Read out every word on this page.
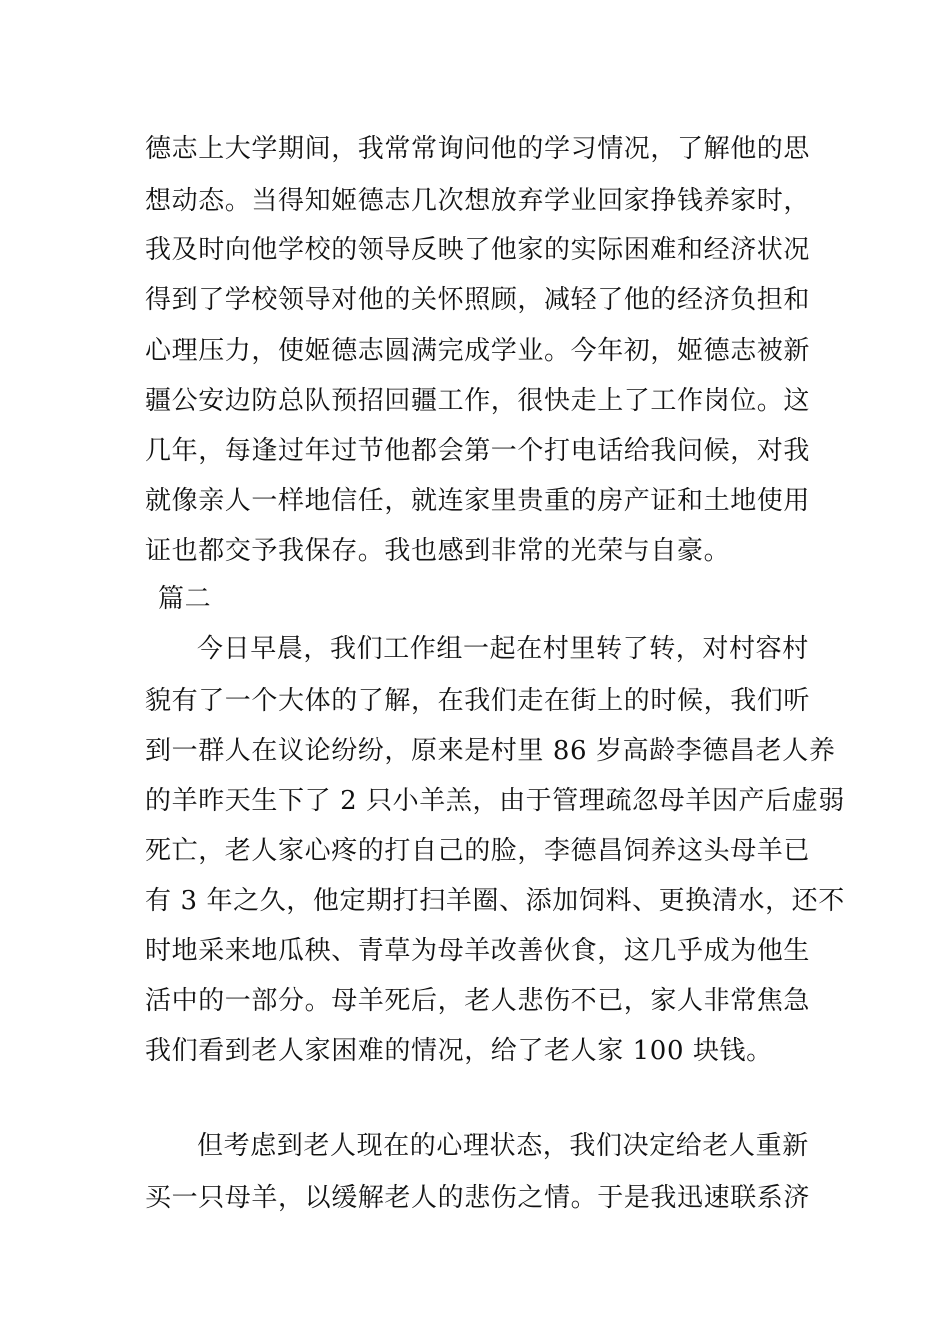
德志上大学期间，我常常询问他的学习情况，了解他的思
想动态。当得知姬德志几次想放弃学业回家挣钱养家时，
我及时向他学校的领导反映了他家的实际困难和经济状况
得到了学校领导对他的关怀照顾，减轻了他的经济负担和
心理压力，使姬德志圆满完成学业。今年初，姬德志被新
疆公安边防总队预招回疆工作，很快走上了工作岗位。这
几年，每逢过年过节他都会第一个打电话给我问候，对我
就像亲人一样地信任，就连家里贵重的房产证和土地使用
证也都交予我保存。我也感到非常的光荣与自豪。
篇二
今日早晨，我们工作组一起在村里转了转，对村容村
貌有了一个大体的了解，在我们走在街上的时候，我们听
到一群人在议论纷纷，原来是村里 86 岁高龄李德昌老人养
的羊昨天生下了 2 只小羊羔，由于管理疏忽母羊因产后虚弱
死亡，老人家心疼的打自己的脸，李德昌饲养这头母羊已
有 3 年之久，他定期打扫羊圈、添加饲料、更换清水，还不
时地采来地瓜秧、青草为母羊改善伙食，这几乎成为他生
活中的一部分。母羊死后，老人悲伤不已，家人非常焦急
我们看到老人家困难的情况，给了老人家 100 块钱。
但考虑到老人现在的心理状态，我们决定给老人重新
买一只母羊，以缓解老人的悲伤之情。于是我迅速联系济
